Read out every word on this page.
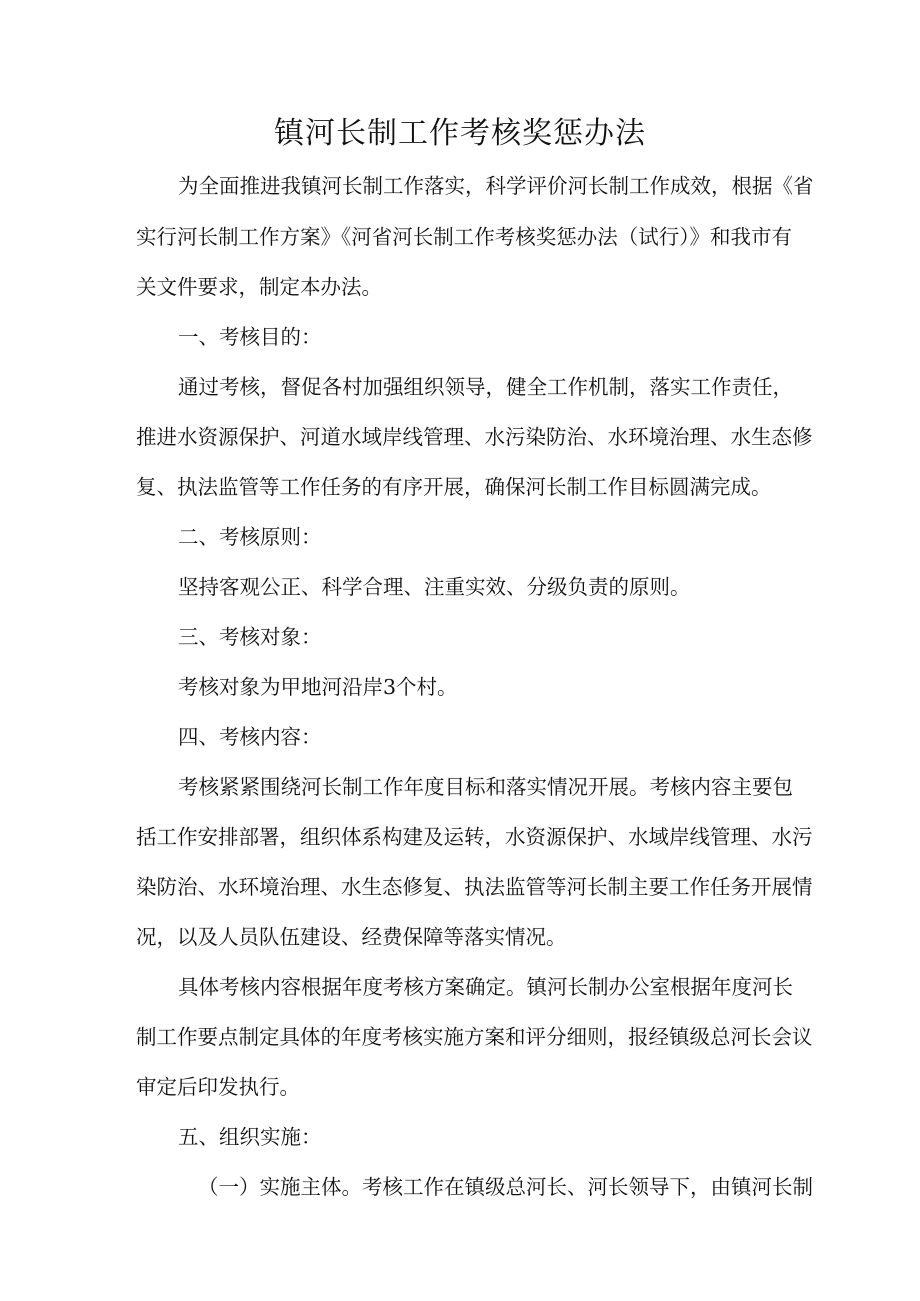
镇河长制工作考核奖惩办法
为全面推进我镇河长制工作落实，科学评价河长制工作成效，根据《省
实行河长制工作方案》《河省河长制工作考核奖惩办法（试行）》和我市有
关文件要求，制定本办法。
一、考核目的：
通过考核，督促各村加强组织领导，健全工作机制，落实工作责任，
推进水资源保护、河道水域岸线管理、水污染防治、水环境治理、水生态修
复、执法监管等工作任务的有序开展，确保河长制工作目标圆满完成。
二、考核原则：
坚持客观公正、科学合理、注重实效、分级负责的原则。
三、考核对象：
考核对象为甲地河沿岸3个村。
四、考核内容：
考核紧紧围绕河长制工作年度目标和落实情况开展。考核内容主要包
括工作安排部署，组织体系构建及运转，水资源保护、水域岸线管理、水污
染防治、水环境治理、水生态修复、执法监管等河长制主要工作任务开展情
况，以及人员队伍建设、经费保障等落实情况。
具体考核内容根据年度考核方案确定。镇河长制办公室根据年度河长
制工作要点制定具体的年度考核实施方案和评分细则，报经镇级总河长会议
审定后印发执行。
五、组织实施：
（一）实施主体。考核工作在镇级总河长、河长领导下，由镇河长制
